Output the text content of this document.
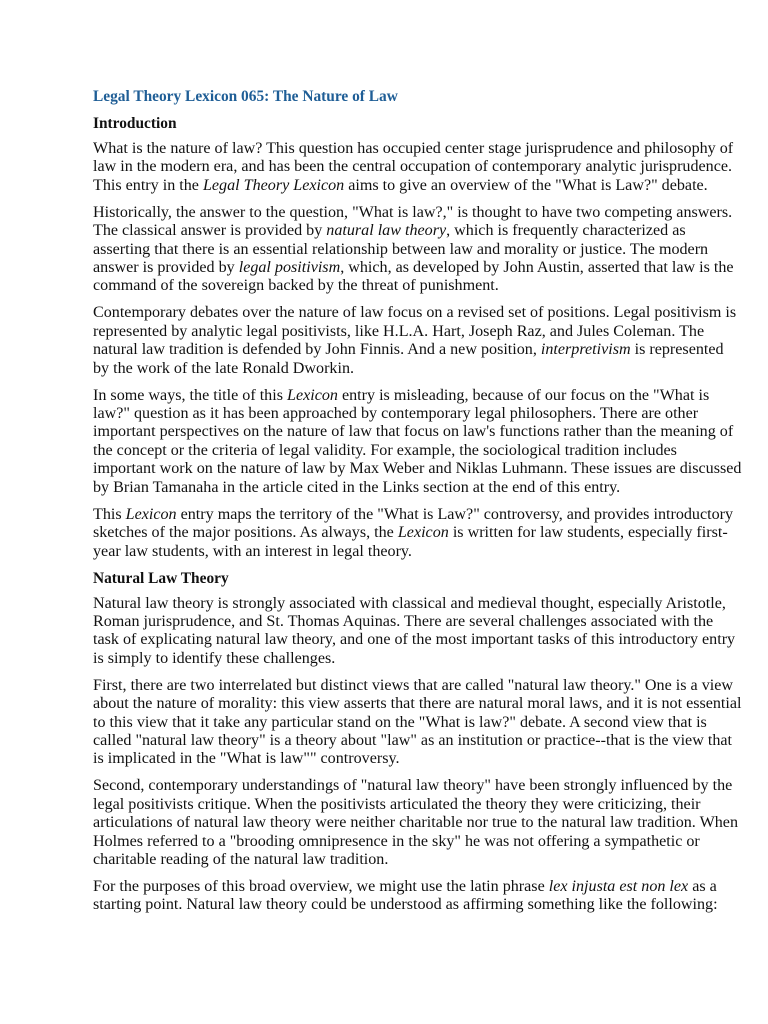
Legal Theory Lexicon 065: The Nature of Law
Introduction

What is the nature of law? This question has occupied center stage jurisprudence and philosophy of law in the modern era, and has been the central occupation of contemporary analytic jurisprudence. This entry in the Legal Theory Lexicon aims to give an overview of the "What is Law?" debate.

Historically, the answer to the question, "What is law?," is thought to have two competing answers. The classical answer is provided by natural law theory, which is frequently characterized as asserting that there is an essential relationship between law and morality or justice. The modern answer is provided by legal positivism, which, as developed by John Austin, asserted that law is the command of the sovereign backed by the threat of punishment.

Contemporary debates over the nature of law focus on a revised set of positions. Legal positivism is represented by analytic legal positivists, like H.L.A. Hart, Joseph Raz, and Jules Coleman. The natural law tradition is defended by John Finnis. And a new position, interpretivism is represented by the work of the late Ronald Dworkin.

In some ways, the title of this Lexicon entry is misleading, because of our focus on the "What is law?" question as it has been approached by contemporary legal philosophers. There are other important perspectives on the nature of law that focus on law's functions rather than the meaning of the concept or the criteria of legal validity. For example, the sociological tradition includes important work on the nature of law by Max Weber and Niklas Luhmann. These issues are discussed by Brian Tamanaha in the article cited in the Links section at the end of this entry.

This Lexicon entry maps the territory of the "What is Law?" controversy, and provides introductory sketches of the major positions. As always, the Lexicon is written for law students, especially first-year law students, with an interest in legal theory.

Natural Law Theory

Natural law theory is strongly associated with classical and medieval thought, especially Aristotle, Roman jurisprudence, and St. Thomas Aquinas. There are several challenges associated with the task of explicating natural law theory, and one of the most important tasks of this introductory entry is simply to identify these challenges.

First, there are two interrelated but distinct views that are called "natural law theory." One is a view about the nature of morality: this view asserts that there are natural moral laws, and it is not essential to this view that it take any particular stand on the "What is law?" debate. A second view that is called "natural law theory" is a theory about "law" as an institution or practice--that is the view that is implicated in the "What is law"" controversy.

Second, contemporary understandings of "natural law theory" have been strongly influenced by the legal positivists critique. When the positivists articulated the theory they were criticizing, their articulations of natural law theory were neither charitable nor true to the natural law tradition. When Holmes referred to a "brooding omnipresence in the sky" he was not offering a sympathetic or charitable reading of the natural law tradition.

For the purposes of this broad overview, we might use the latin phrase lex injusta est non lex as a starting point. Natural law theory could be understood as affirming something like the following:
